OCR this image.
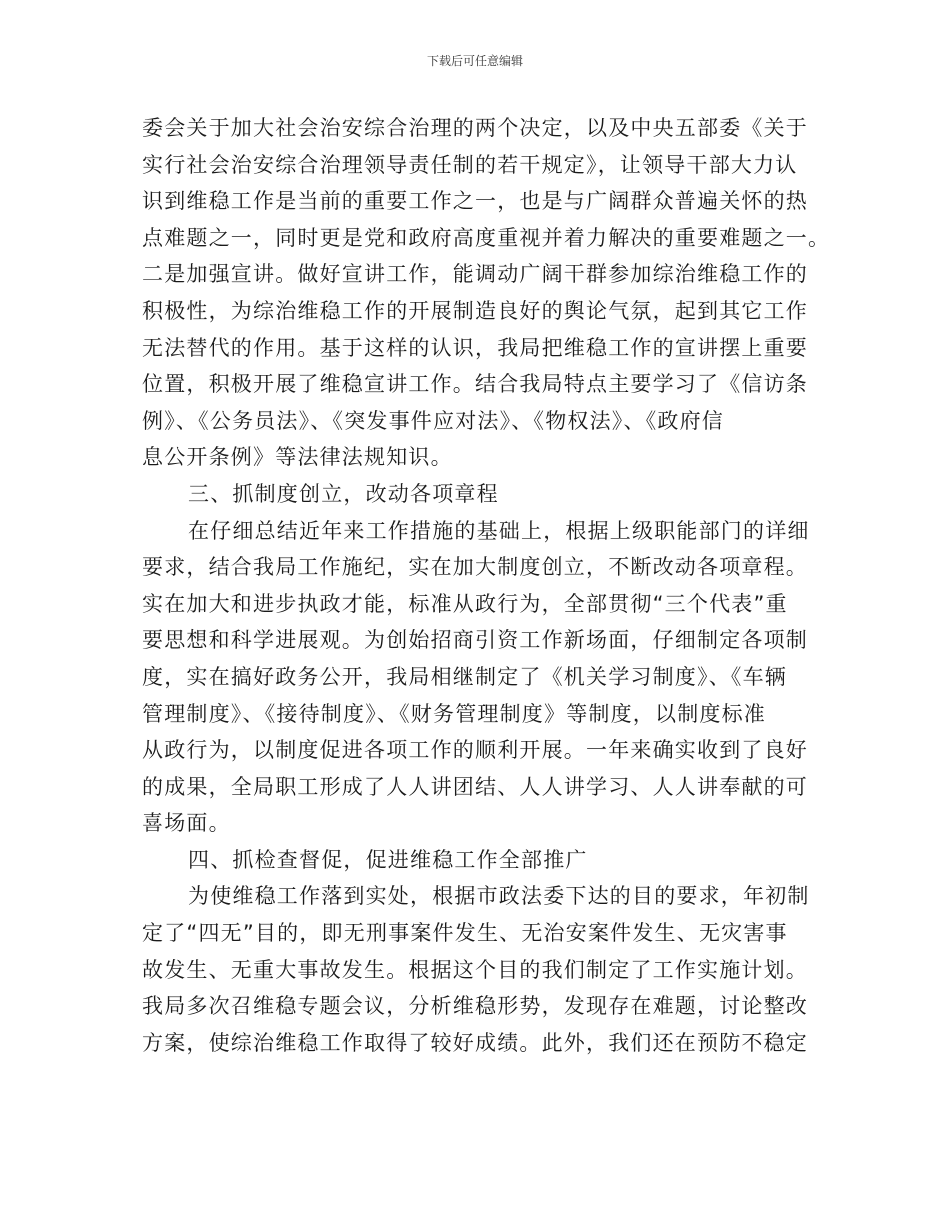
下载后可任意编辑
委会关于加大社会治安综合治理的两个决定，以及中央五部委《关于
实行社会治安综合治理领导责任制的若干规定》，让领导干部大力认
识到维稳工作是当前的重要工作之一，也是与广阔群众普遍关怀的热
点难题之一，同时更是党和政府高度重视并着力解决的重要难题之一。
二是加强宣讲。做好宣讲工作，能调动广阔干群参加综治维稳工作的
积极性，为综治维稳工作的开展制造良好的舆论气氛，起到其它工作
无法替代的作用。基于这样的认识，我局把维稳工作的宣讲摆上重要
位置，积极开展了维稳宣讲工作。结合我局特点主要学习了《信访条
例》、《公务员法》、《突发事件应对法》、《物权法》、《政府信
息公开条例》等法律法规知识。
三、抓制度创立，改动各项章程
在仔细总结近年来工作措施的基础上，根据上级职能部门的详细
要求，结合我局工作施纪，实在加大制度创立，不断改动各项章程。
实在加大和进步执政才能，标准从政行为，全部贯彻“三个代表”重
要思想和科学进展观。为创始招商引资工作新场面，仔细制定各项制
度，实在搞好政务公开，我局相继制定了《机关学习制度》、《车辆
管理制度》、《接待制度》、《财务管理制度》等制度，以制度标准
从政行为，以制度促进各项工作的顺利开展。一年来确实收到了良好
的成果，全局职工形成了人人讲团结、人人讲学习、人人讲奉献的可
喜场面。
四、抓检查督促，促进维稳工作全部推广
为使维稳工作落到实处，根据市政法委下达的目的要求，年初制
定了“四无”目的，即无刑事案件发生、无治安案件发生、无灾害事
故发生、无重大事故发生。根据这个目的我们制定了工作实施计划。
我局多次召维稳专题会议，分析维稳形势，发现存在难题，讨论整改
方案，使综治维稳工作取得了较好成绩。此外，我们还在预防不稳定
